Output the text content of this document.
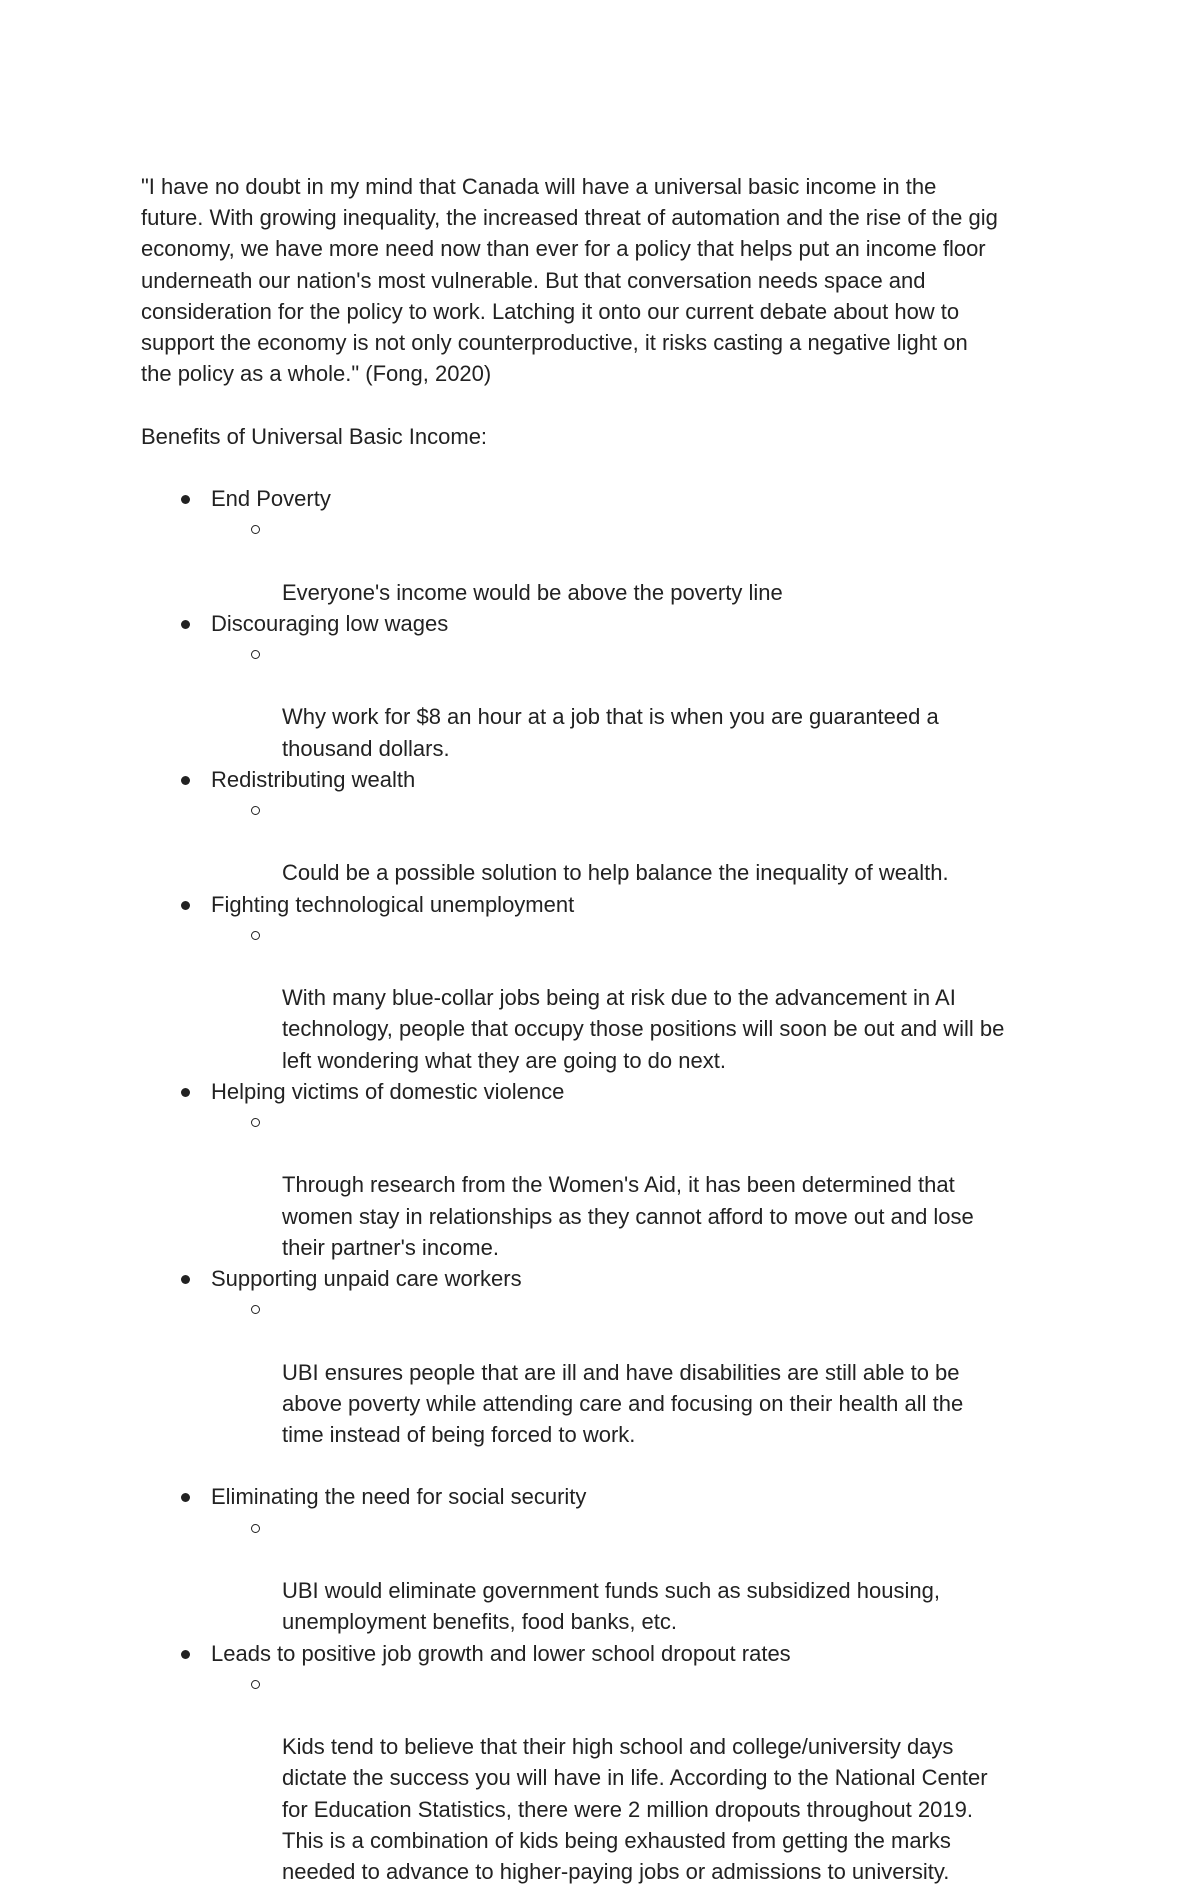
"I have no doubt in my mind that Canada will have a universal basic income in the
future. With growing inequality, the increased threat of automation and the rise of the gig
economy, we have more need now than ever for a policy that helps put an income floor
underneath our nation's most vulnerable. But that conversation needs space and
consideration for the policy to work. Latching it onto our current debate about how to
support the economy is not only counterproductive, it risks casting a negative light on
the policy as a whole." (Fong, 2020)

Benefits of Universal Basic Income:

End Poverty

Everyone's income would be above the poverty line

Discouraging low wages

Why work for $8 an hour at a job that is when you are guaranteed a
thousand dollars.

Redistributing wealth

Could be a possible solution to help balance the inequality of wealth.

Fighting technological unemployment

With many blue-collar jobs being at risk due to the advancement in AI
technology, people that occupy those positions will soon be out and will be
left wondering what they are going to do next.

Helping victims of domestic violence

Through research from the Women's Aid, it has been determined that
women stay in relationships as they cannot afford to move out and lose
their partner's income.

Supporting unpaid care workers

UBI ensures people that are ill and have disabilities are still able to be
above poverty while attending care and focusing on their health all the
time instead of being forced to work.

Eliminating the need for social security

UBI would eliminate government funds such as subsidized housing,
unemployment benefits, food banks, etc.

Leads to positive job growth and lower school dropout rates

Kids tend to believe that their high school and college/university days
dictate the success you will have in life. According to the National Center
for Education Statistics, there were 2 million dropouts throughout 2019.
This is a combination of kids being exhausted from getting the marks
needed to advance to higher-paying jobs or admissions to university.
